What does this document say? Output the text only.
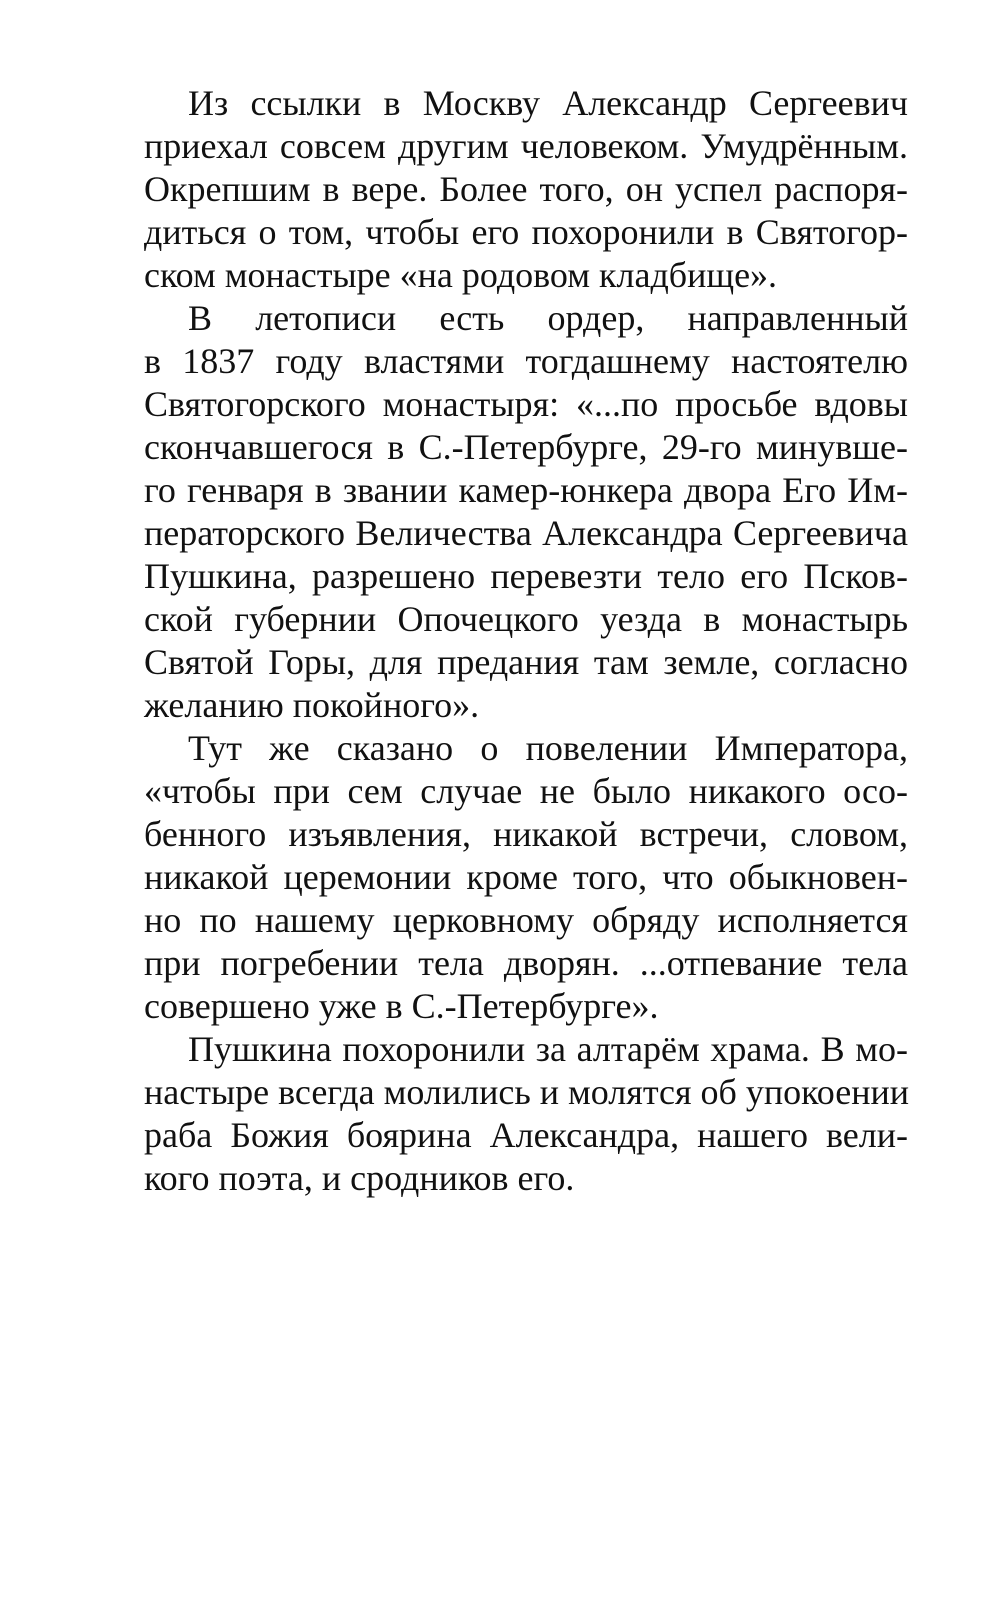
Из ссылки в Москву Александр Сергеевич
приехал совсем другим человеком. Умудрённым.
Окрепшим в вере. Более того, он успел распоря-
диться о том, чтобы его похоронили в Святогор-
ском монастыре «на родовом кладбище».

В летописи есть ордер, направленный
в 1837 году властями тогдашнему настоятелю
Святогорского монастыря: «...по просьбе вдовы
скончавшегося в С.-Петербурге, 29-го минувше-
го генваря в звании камер-юнкера двора Его Им-
ператорского Величества Александра Сергеевича
Пушкина, разрешено перевезти тело его Псков-
ской губернии Опочецкого уезда в монастырь
Святой Горы, для предания там земле, согласно
желанию покойного».

Тут же сказано о повелении Императора,
«чтобы при сем случае не было никакого осо-
бенного изъявления, никакой встречи, словом,
никакой церемонии кроме того, что обыкновен-
но по нашему церковному обряду исполняется
при погребении тела дворян. ...отпевание тела
совершено уже в С.-Петербурге».

Пушкина похоронили за алтарём храма. В мо-
настыре всегда молились и молятся об упокоении
раба Божия боярина Александра, нашего вели-
кого поэта, и сродников его.
